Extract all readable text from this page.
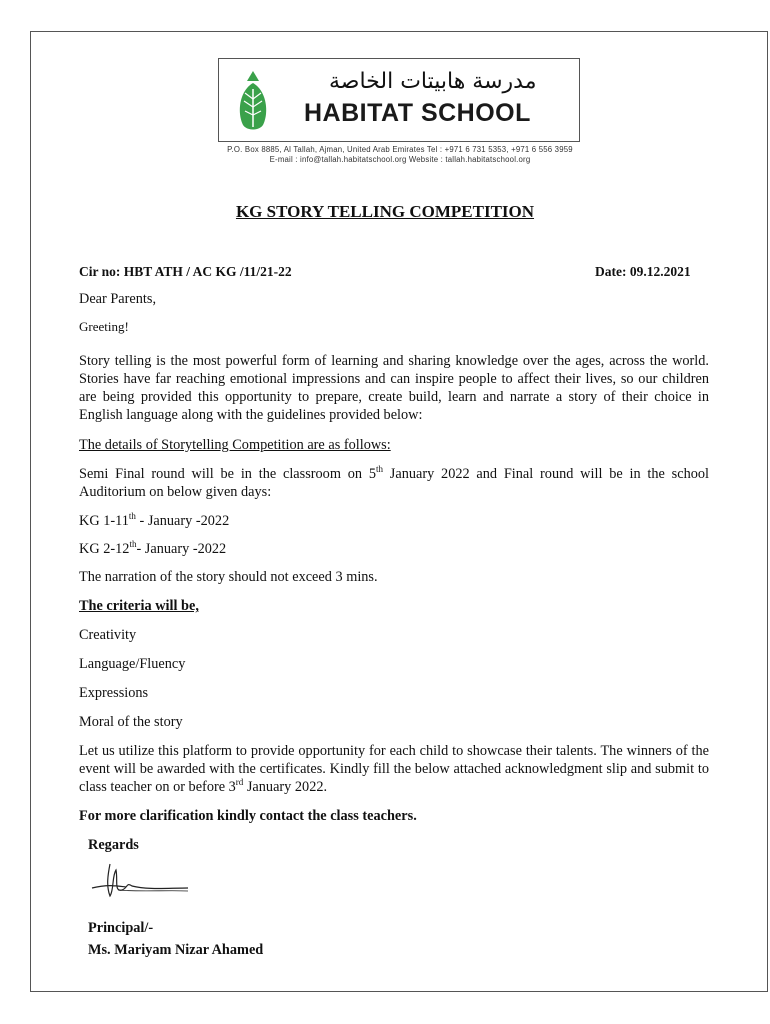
مدرسة هابيتات الخاصة
HABITAT SCHOOL
P.O. Box 8885, Al Tallah, Ajman, United Arab Emirates Tel : +971 6 731 5353, +971 6 556 3959
E-mail : info@tallah.habitatschool.org Website : tallah.habitatschool.org
KG STORY TELLING COMPETITION
Cir no: HBT ATH / AC KG /11/21-22	Date: 09.12.2021
Dear Parents,
Greeting!
Story telling is the most powerful form of learning and sharing knowledge over the ages, across the world. Stories have far reaching emotional impressions and can inspire people to affect their lives, so our children are being provided this opportunity to prepare, create build, learn and narrate a story of their choice in English language along with the guidelines provided below:
The details of Storytelling Competition are as follows:
Semi Final round will be in the classroom on 5th January 2022 and Final round will be in the school Auditorium on below given days:
KG 1-11th - January -2022
KG 2-12th- January -2022
The narration of the story should not exceed 3 mins.
The criteria will be,
Creativity
Language/Fluency
Expressions
Moral of the story
Let us utilize this platform to provide opportunity for each child to showcase their talents. The winners of the event will be awarded with the certificates. Kindly fill the below attached acknowledgment slip and submit to class teacher on or before 3rd January 2022.
For more clarification kindly contact the class teachers.
Regards
Principal/-
Ms. Mariyam Nizar Ahamed
